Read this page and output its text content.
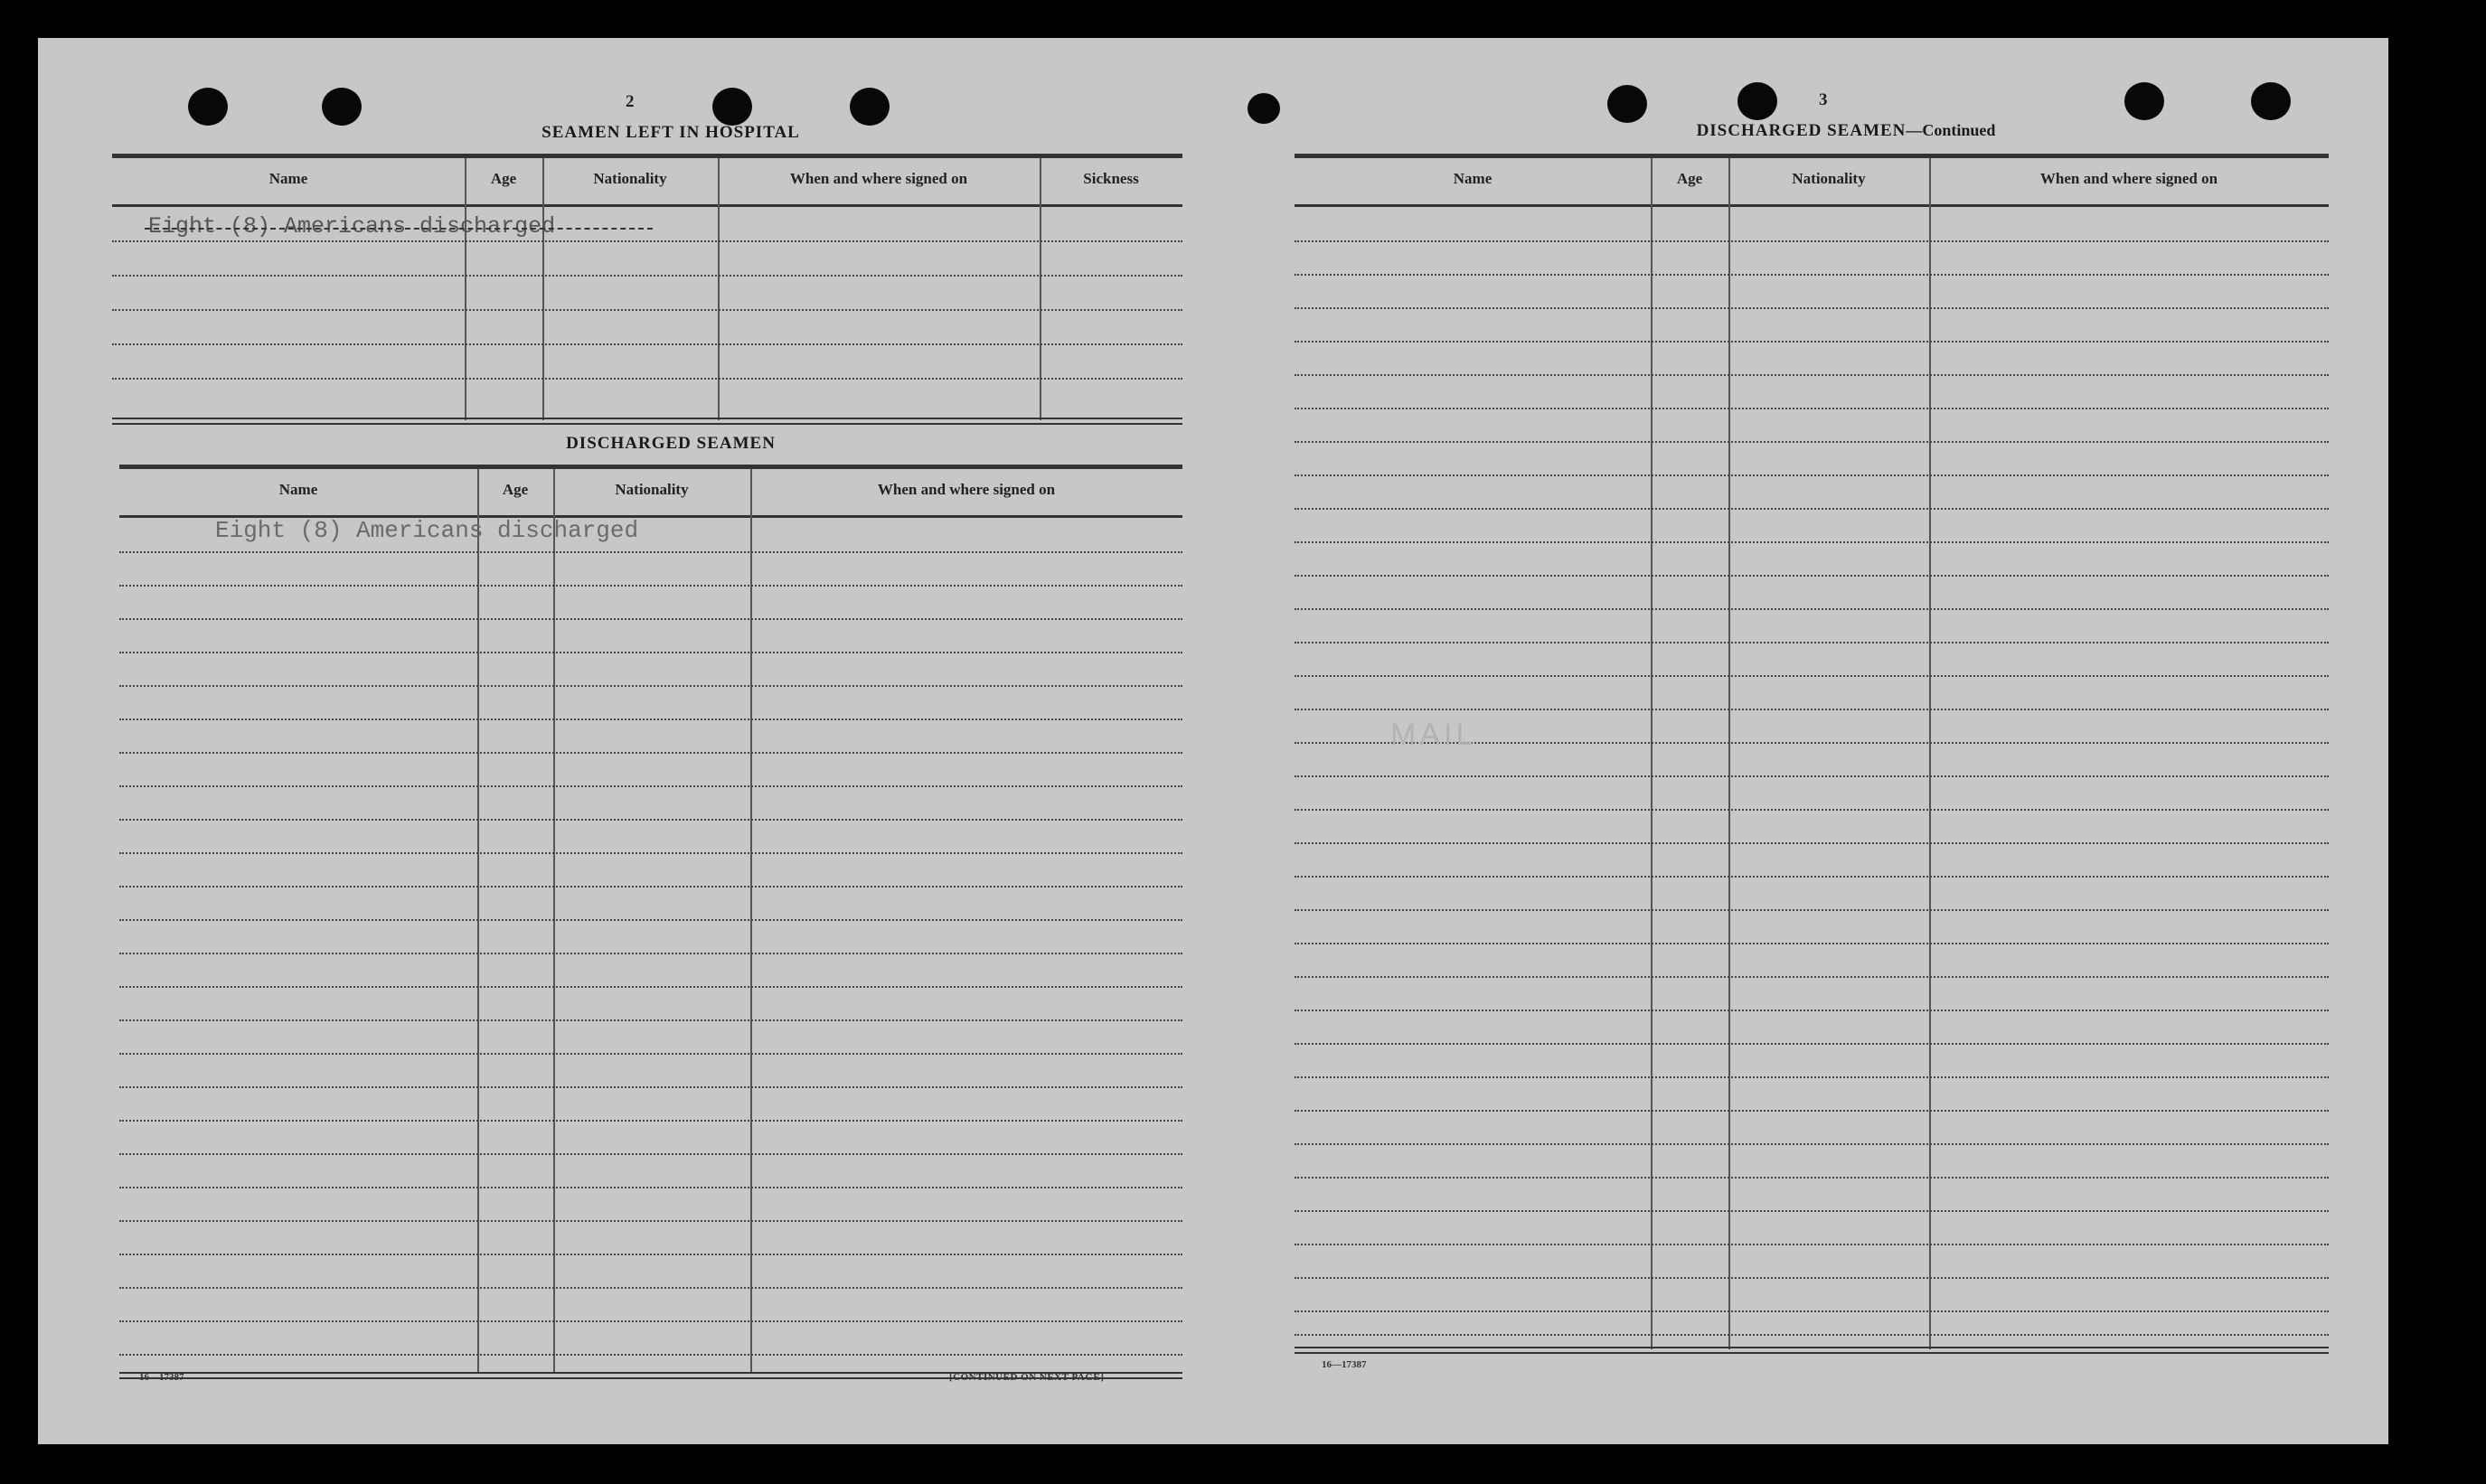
2
SEAMEN LEFT IN HOSPITAL
Name	Age	Nationality	When and where signed on	Sickness
Eight (8) Americans discharged
DISCHARGED SEAMEN
Name	Age	Nationality	When and where signed on
Eight (8) Americans discharged
16—17387	[CONTINUED ON NEXT PAGE]
3
DISCHARGED SEAMEN—Continued
Name	Age	Nationality	When and where signed on
MAIL
16—17387
